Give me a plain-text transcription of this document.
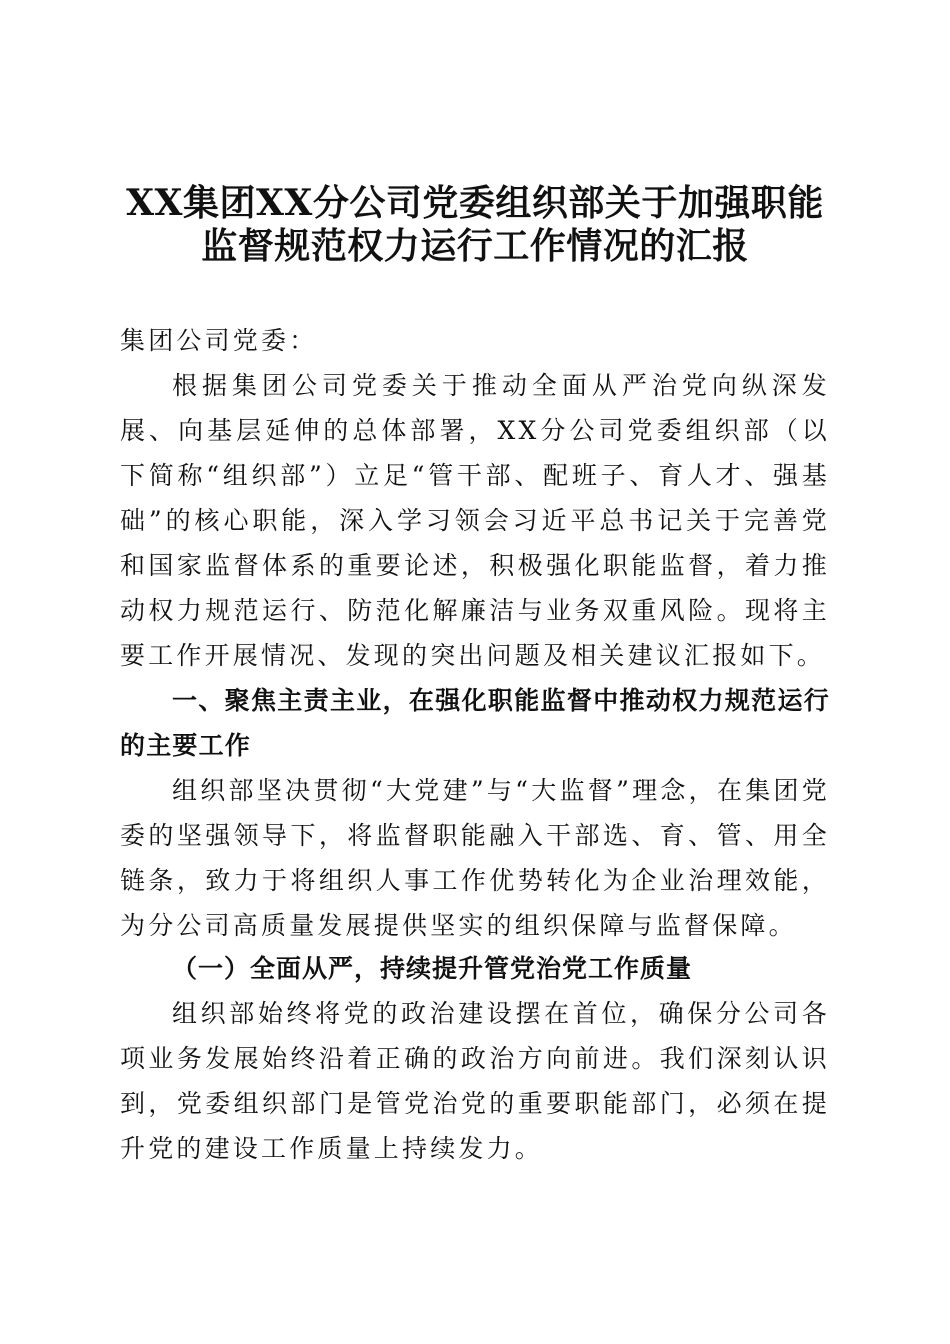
XX集团XX分公司党委组织部关于加强职能
监督规范权力运行工作情况的汇报

集团公司党委：

根据集团公司党委关于推动全面从严治党向纵深发展、向基层延伸的总体部署，XX分公司党委组织部（以下简称“组织部”）立足“管干部、配班子、育人才、强基础”的核心职能，深入学习领会习近平总书记关于完善党和国家监督体系的重要论述，积极强化职能监督，着力推动权力规范运行、防范化解廉洁与业务双重风险。现将主要工作开展情况、发现的突出问题及相关建议汇报如下。

一、聚焦主责主业，在强化职能监督中推动权力规范运行的主要工作

组织部坚决贯彻“大党建”与“大监督”理念，在集团党委的坚强领导下，将监督职能融入干部选、育、管、用全链条，致力于将组织人事工作优势转化为企业治理效能，为分公司高质量发展提供坚实的组织保障与监督保障。

（一）全面从严，持续提升管党治党工作质量

组织部始终将党的政治建设摆在首位，确保分公司各项业务发展始终沿着正确的政治方向前进。我们深刻认识到，党委组织部门是管党治党的重要职能部门，必须在提升党的建设工作质量上持续发力。
